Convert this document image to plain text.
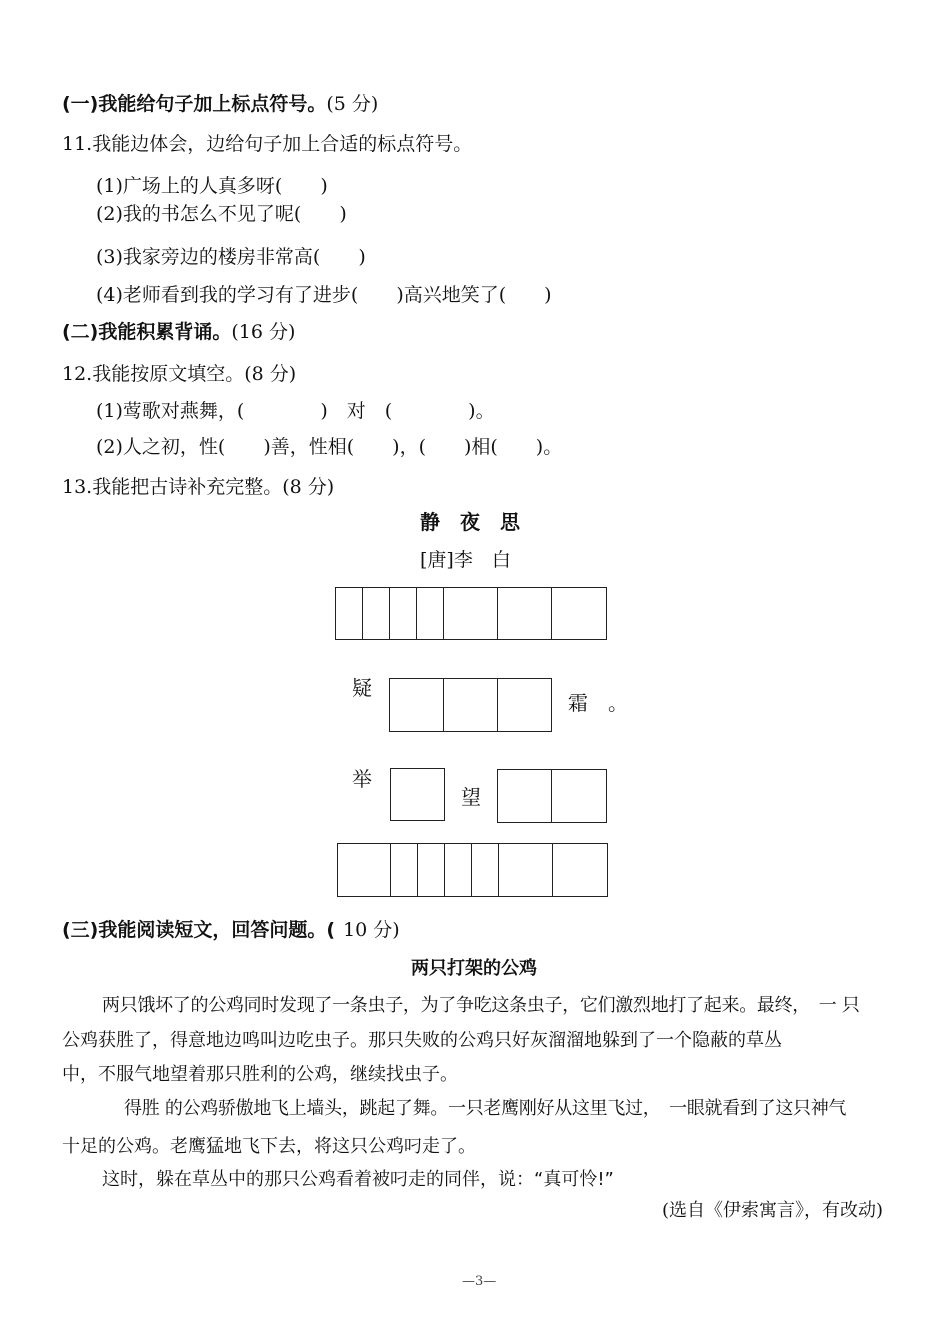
(一)我能给句子加上标点符号。(5 分)
11.我能边体会，边给句子加上合适的标点符号。
(1)广场上的人真多呀(　　)
(2)我的书怎么不见了呢(　　)
(3)我家旁边的楼房非常高(　　)
(4)老师看到我的学习有了进步(　　)高兴地笑了(　　)
(二)我能积累背诵。(16 分)
12.我能按原文填空。(8 分)
(1)莺歌对燕舞，(　　　　)　对　(　　　　)。
(2)人之初，性(　　)善，性相(　　)，(　　)相(　　)。
13.我能把古诗补充完整。(8 分)
静　夜　思
[唐]李　白
疑
霜　。
举
望
(三)我能阅读短文，回答问题。( 10 分)
两只打架的公鸡
两只饿坏了的公鸡同时发现了一条虫子，为了争吃这条虫子，它们激烈地打了起来。最终，　一 只
公鸡获胜了，得意地边鸣叫边吃虫子。那只失败的公鸡只好灰溜溜地躲到了一个隐蔽的草丛
中，不服气地望着那只胜利的公鸡，继续找虫子。
得胜 的公鸡骄傲地飞上墙头，跳起了舞。一只老鹰刚好从这里飞过，　一眼就看到了这只神气
十足的公鸡。老鹰猛地飞下去，将这只公鸡叼走了。
这时，躲在草丛中的那只公鸡看着被叼走的同伴，说：“真可怜!”
(选自《伊索寓言》，有改动)
—3—
